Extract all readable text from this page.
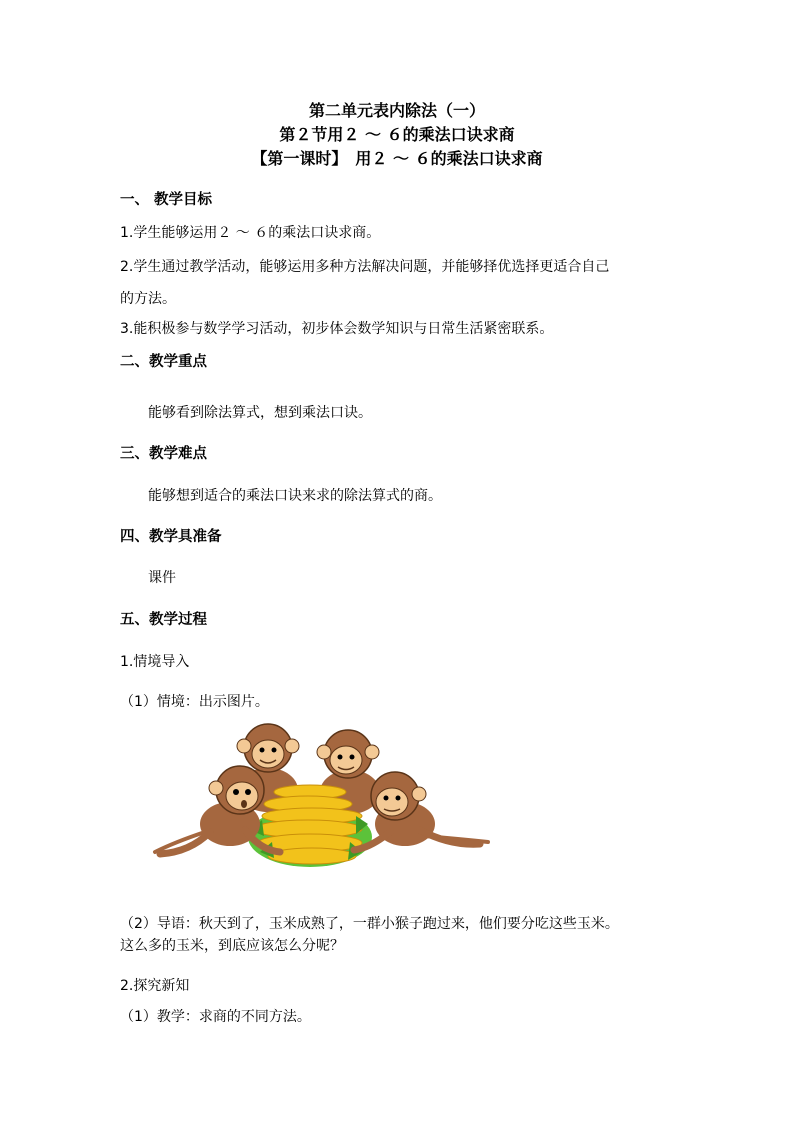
第二单元表内除法（一）
第２节用２ ～ ６的乘法口诀求商
【第一课时】　用２ ～ ６的乘法口诀求商

一、 教学目标

1.学生能够运用２ ～ ６的乘法口诀求商。

2.学生通过教学活动，能够运用多种方法解决问题，并能够择优选择更适合自己

的方法。

3.能积极参与数学学习活动，初步体会数学知识与日常生活紧密联系。

二、教学重点

能够看到除法算式，想到乘法口诀。

三、教学难点

能够想到适合的乘法口诀来求的除法算式的商。

四、教学具准备

课件

五、教学过程

1.情境导入

（1）情境：出示图片。

（2）导语：秋天到了，玉米成熟了，一群小猴子跑过来，他们要分吃这些玉米。

这么多的玉米，到底应该怎么分呢？

2.探究新知

（1）教学：求商的不同方法。
